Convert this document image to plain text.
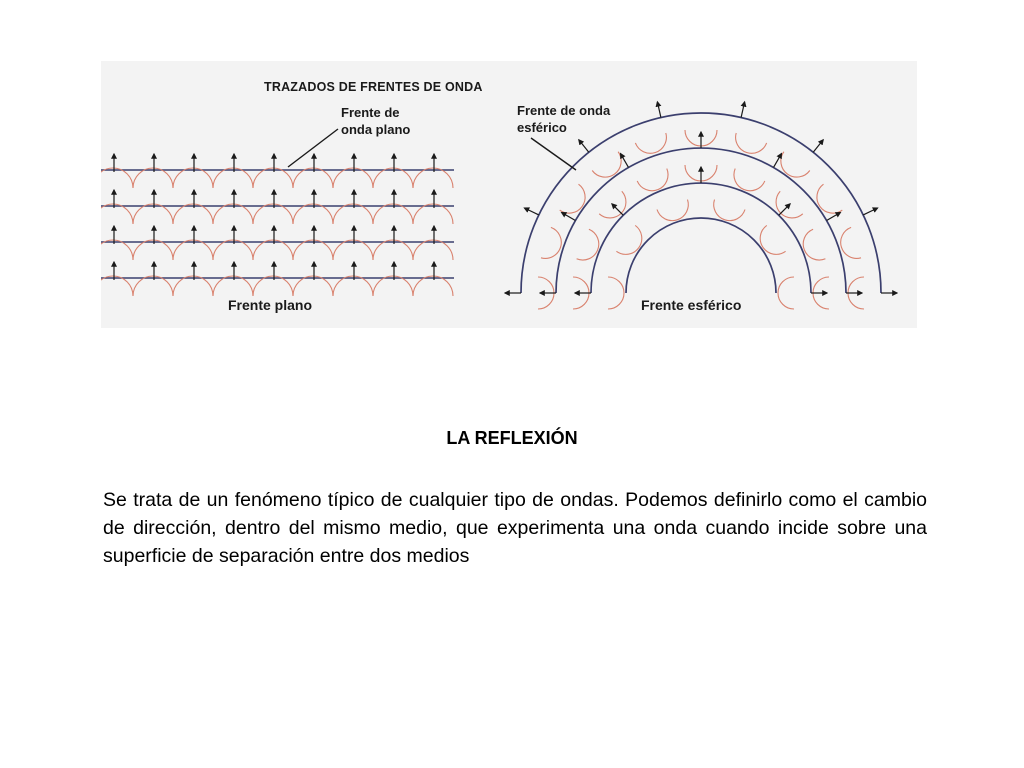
TRAZADOS DE FRENTES DE ONDA
Frente de
onda plano
Frente de onda
esférico
Frente plano	Frente esférico
LA REFLEXIÓN

Se trata de un fenómeno típico de cualquier tipo de ondas. Podemos definirlo como el cambio de dirección, dentro del mismo medio, que experimenta una onda cuando incide sobre una superficie de separación entre dos medios
